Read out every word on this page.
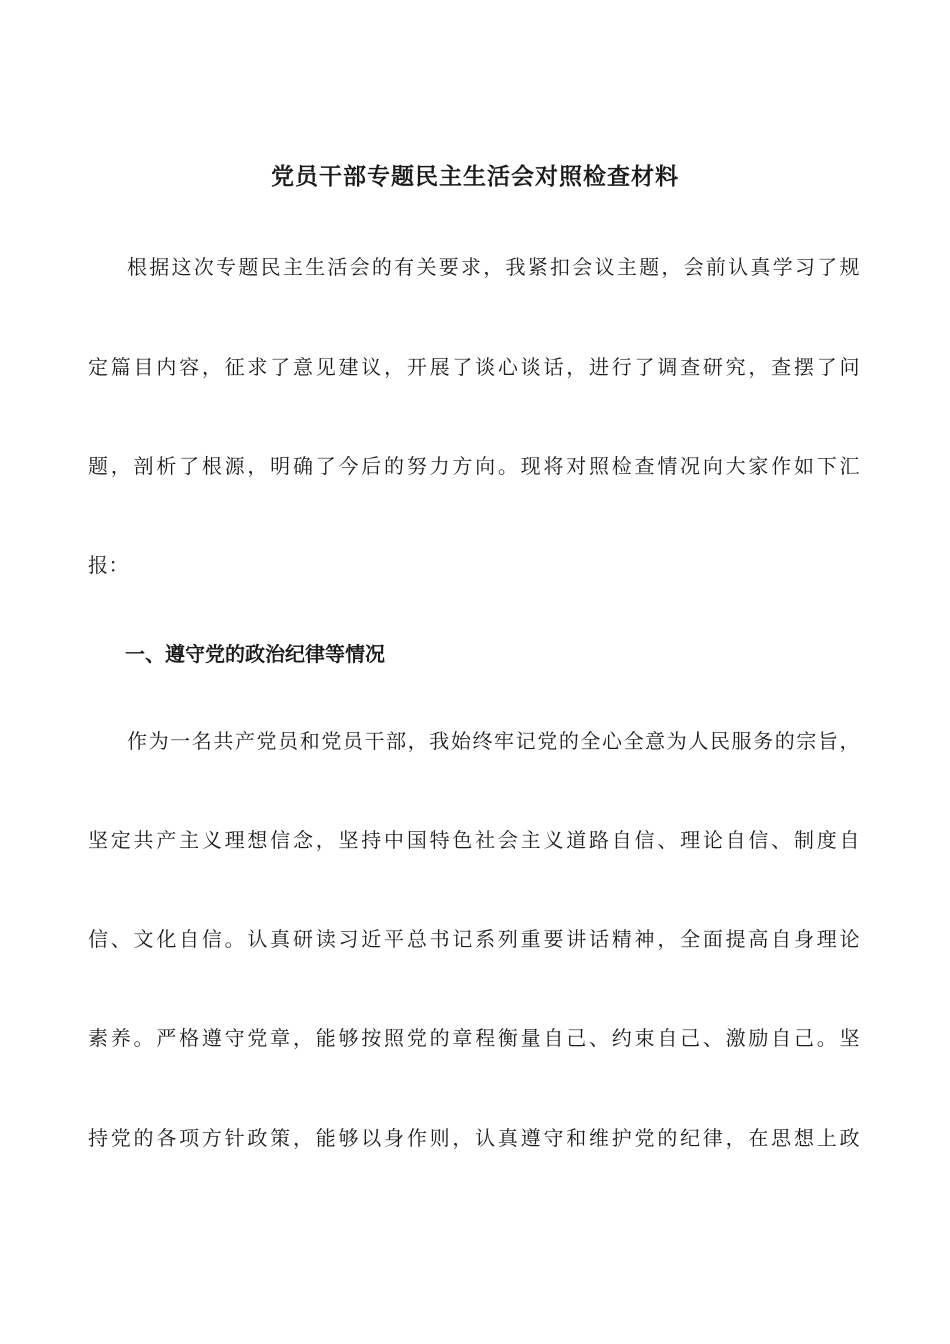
党员干部专题民主生活会对照检查材料
根据这次专题民主生活会的有关要求，我紧扣会议主题，会前认真学习了规
定篇目内容，征求了意见建议，开展了谈心谈话，进行了调查研究，查摆了问
题，剖析了根源，明确了今后的努力方向。现将对照检查情况向大家作如下汇
报：
一、遵守党的政治纪律等情况
作为一名共产党员和党员干部，我始终牢记党的全心全意为人民服务的宗旨，
坚定共产主义理想信念，坚持中国特色社会主义道路自信、理论自信、制度自
信、文化自信。认真研读习近平总书记系列重要讲话精神，全面提高自身理论
素养。严格遵守党章，能够按照党的章程衡量自己、约束自己、激励自己。坚
持党的各项方针政策，能够以身作则，认真遵守和维护党的纪律，在思想上政
